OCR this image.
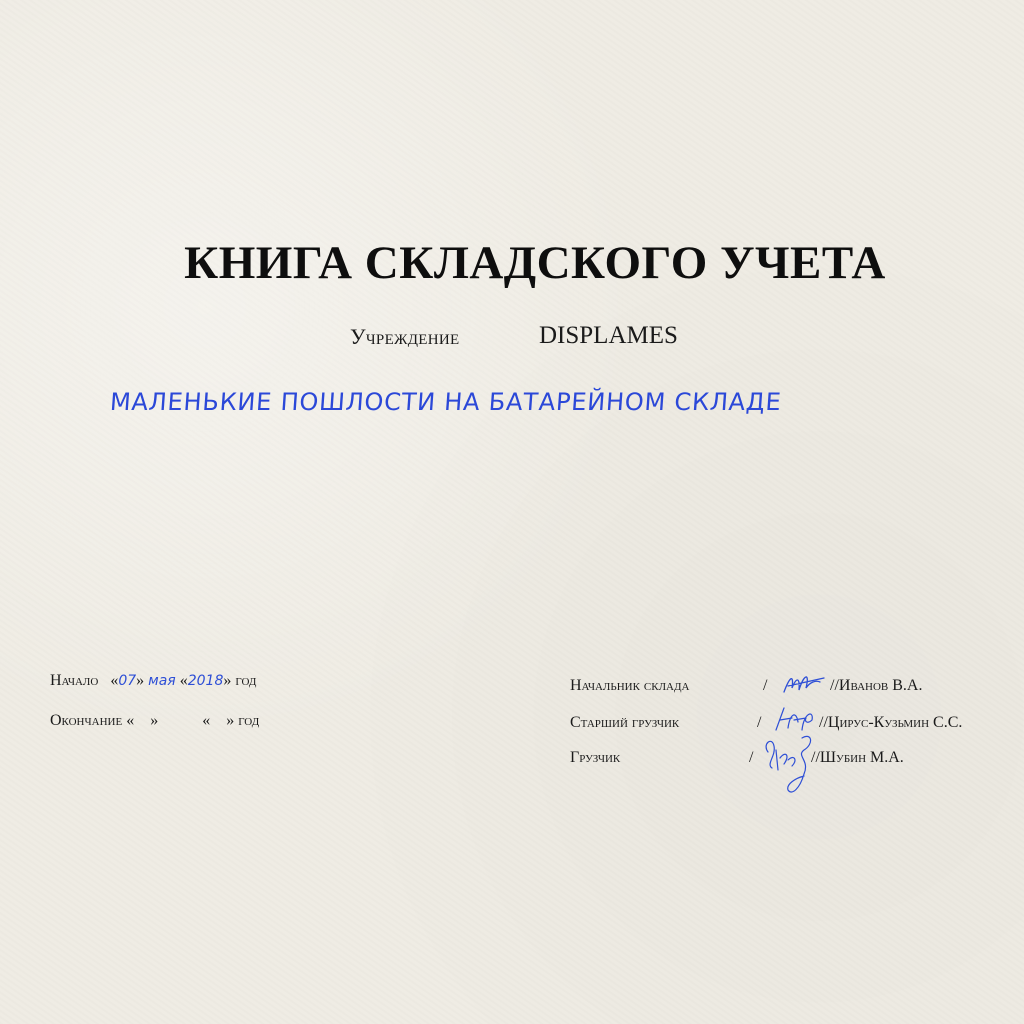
КНИГА СКЛАДСКОГО УЧЕТА
Учреждение	DISPLAMES
МАЛЕНЬКИЕ ПОШЛОСТИ НА БАТАРЕЙНОМ СКЛАДЕ
Начало   «07» мая «2018» год
Окончание «    »           «    » год
Начальник склада	/	//Иванов В.А.
Старший грузчик	/	//Цирус-Кузьмин С.С.
Грузчик	/	//Шубин М.А.
